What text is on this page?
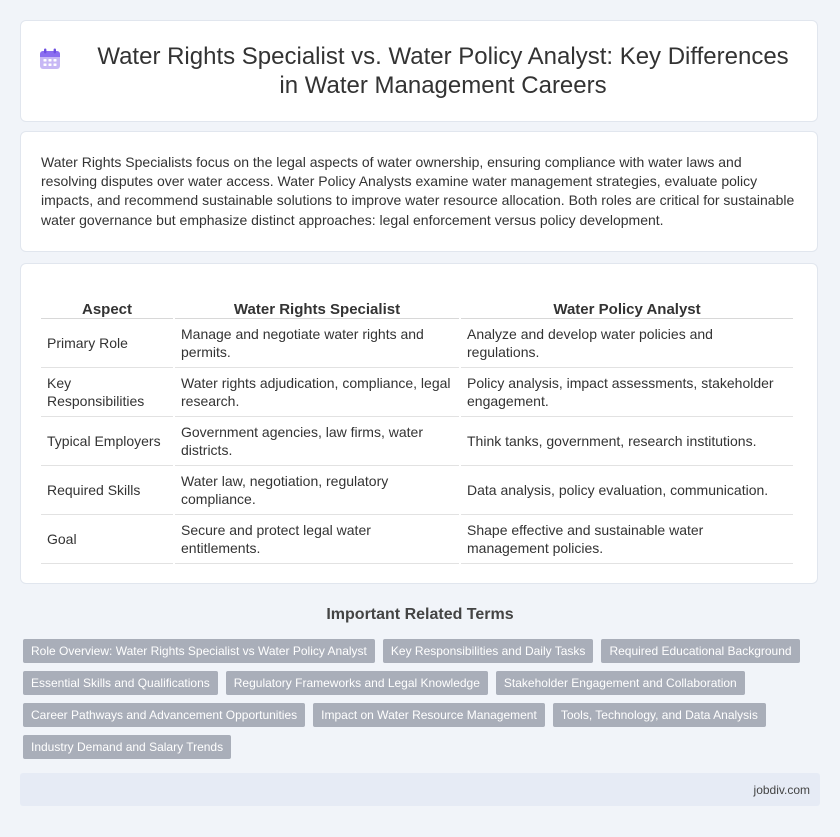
Water Rights Specialist vs. Water Policy Analyst: Key Differences in Water Management Careers

Water Rights Specialists focus on the legal aspects of water ownership, ensuring compliance with water laws and resolving disputes over water access. Water Policy Analysts examine water management strategies, evaluate policy impacts, and recommend sustainable solutions to improve water resource allocation. Both roles are critical for sustainable water governance but emphasize distinct approaches: legal enforcement versus policy development.

Aspect	Water Rights Specialist	Water Policy Analyst
Primary Role	Manage and negotiate water rights and permits.	Analyze and develop water policies and regulations.
Key Responsibilities	Water rights adjudication, compliance, legal research.	Policy analysis, impact assessments, stakeholder engagement.
Typical Employers	Government agencies, law firms, water districts.	Think tanks, government, research institutions.
Required Skills	Water law, negotiation, regulatory compliance.	Data analysis, policy evaluation, communication.
Goal	Secure and protect legal water entitlements.	Shape effective and sustainable water management policies.
Important Related Terms
Role Overview: Water Rights Specialist vs Water Policy Analyst	Key Responsibilities and Daily Tasks	Required Educational Background
Essential Skills and Qualifications	Regulatory Frameworks and Legal Knowledge	Stakeholder Engagement and Collaboration
Career Pathways and Advancement Opportunities	Impact on Water Resource Management	Tools, Technology, and Data Analysis
Industry Demand and Salary Trends
jobdiv.com
